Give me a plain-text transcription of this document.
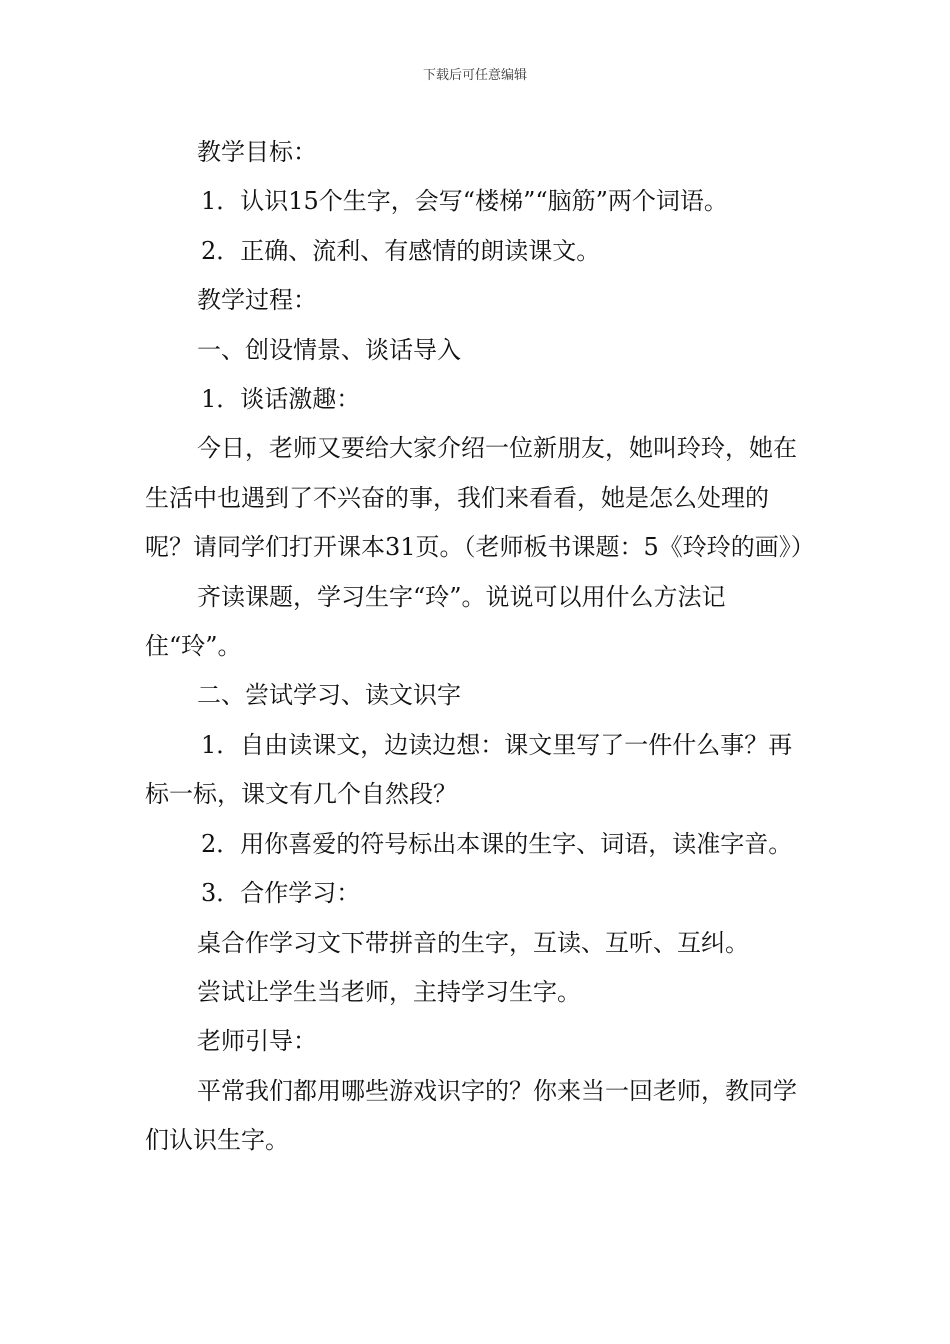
下载后可任意编辑

教学目标：

1．认识15个生字，会写“楼梯”“脑筋”两个词语。

2．正确、流利、有感情的朗读课文。

教学过程：

一、创设情景、谈话导入

1．谈话激趣：

今日，老师又要给大家介绍一位新朋友，她叫玲玲，她在生活中也遇到了不兴奋的事，我们来看看，她是怎么处理的呢？请同学们打开课本31页。（老师板书课题：5《玲玲的画》）

齐读课题，学习生字“玲”。说说可以用什么方法记住“玲”。

二、尝试学习、读文识字

1．自由读课文，边读边想：课文里写了一件什么事？再标一标，课文有几个自然段？

2．用你喜爱的符号标出本课的生字、词语，读准字音。

3．合作学习：

桌合作学习文下带拼音的生字，互读、互听、互纠。

尝试让学生当老师，主持学习生字。

老师引导：

平常我们都用哪些游戏识字的？你来当一回老师，教同学们认识生字。
